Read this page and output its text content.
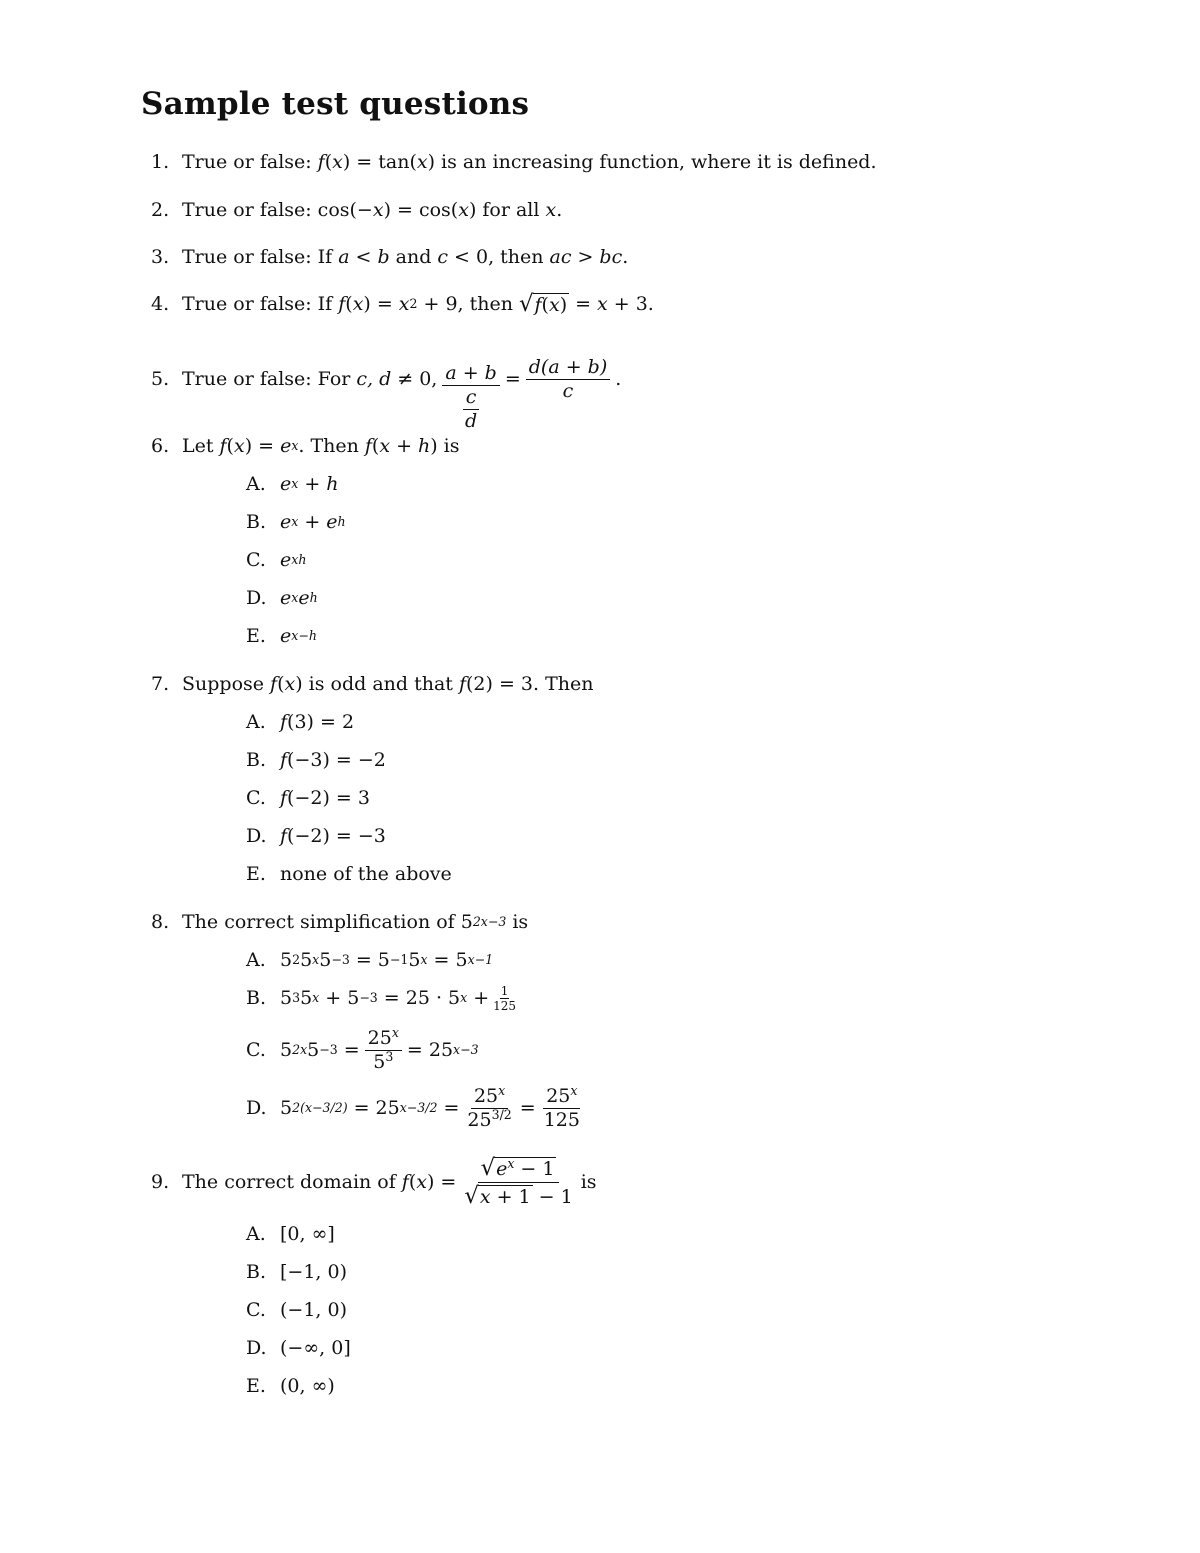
Sample test questions
1. True or false: f ( x ) = tan( x ) is an increasing function, where it is defined.
2. True or false: cos(− x ) = cos( x ) for all x .
3. True or false: If a < b and c < 0, then ac > bc .
4. True or false: If f ( x ) = x 2 + 9, then √ f(x) = x + 3.
5. True or false: For c, d ≠ 0, $\frac{a + b}{\frac{c}{d}} = \frac{d(a + b)}{c}$ .
6. Let f ( x ) = e x . Then f ( x + h ) is
A. e x + h
B. e x + e h
C. e xh
D. e x e h
E. e x−h
7. Suppose f ( x ) is odd and that f (2) = 3. Then
A. f (3) = 2
B. f (−3) = −2
C. f (−2) = 3
D. f (−2) = −3
E. none of the above
8. The correct simplification of 5 2x−3 is
A. 5 2 5 x 5 −3 = 5 −1 5 x = 5 x−1
B. 5 3 5 x + 5 −3 = 25 · 5 $x + \frac{1}{125}$
C. 5 2x $5 -3 = \frac{25^x}{5^3} = 25$ x−3
D. 5 2(x−3/2) = 25 $x-3/2 = \frac{25^x}{25^{3/2}} = \frac{25^x}{125}$
9. The correct domain of f ( x ) = $\frac{√ e^x - 1}{√ x + 1 - 1}$ is
A. [0, ∞]
B. [−1, 0)
C. (−1, 0)
D. (−∞, 0]
E. (0, ∞)
